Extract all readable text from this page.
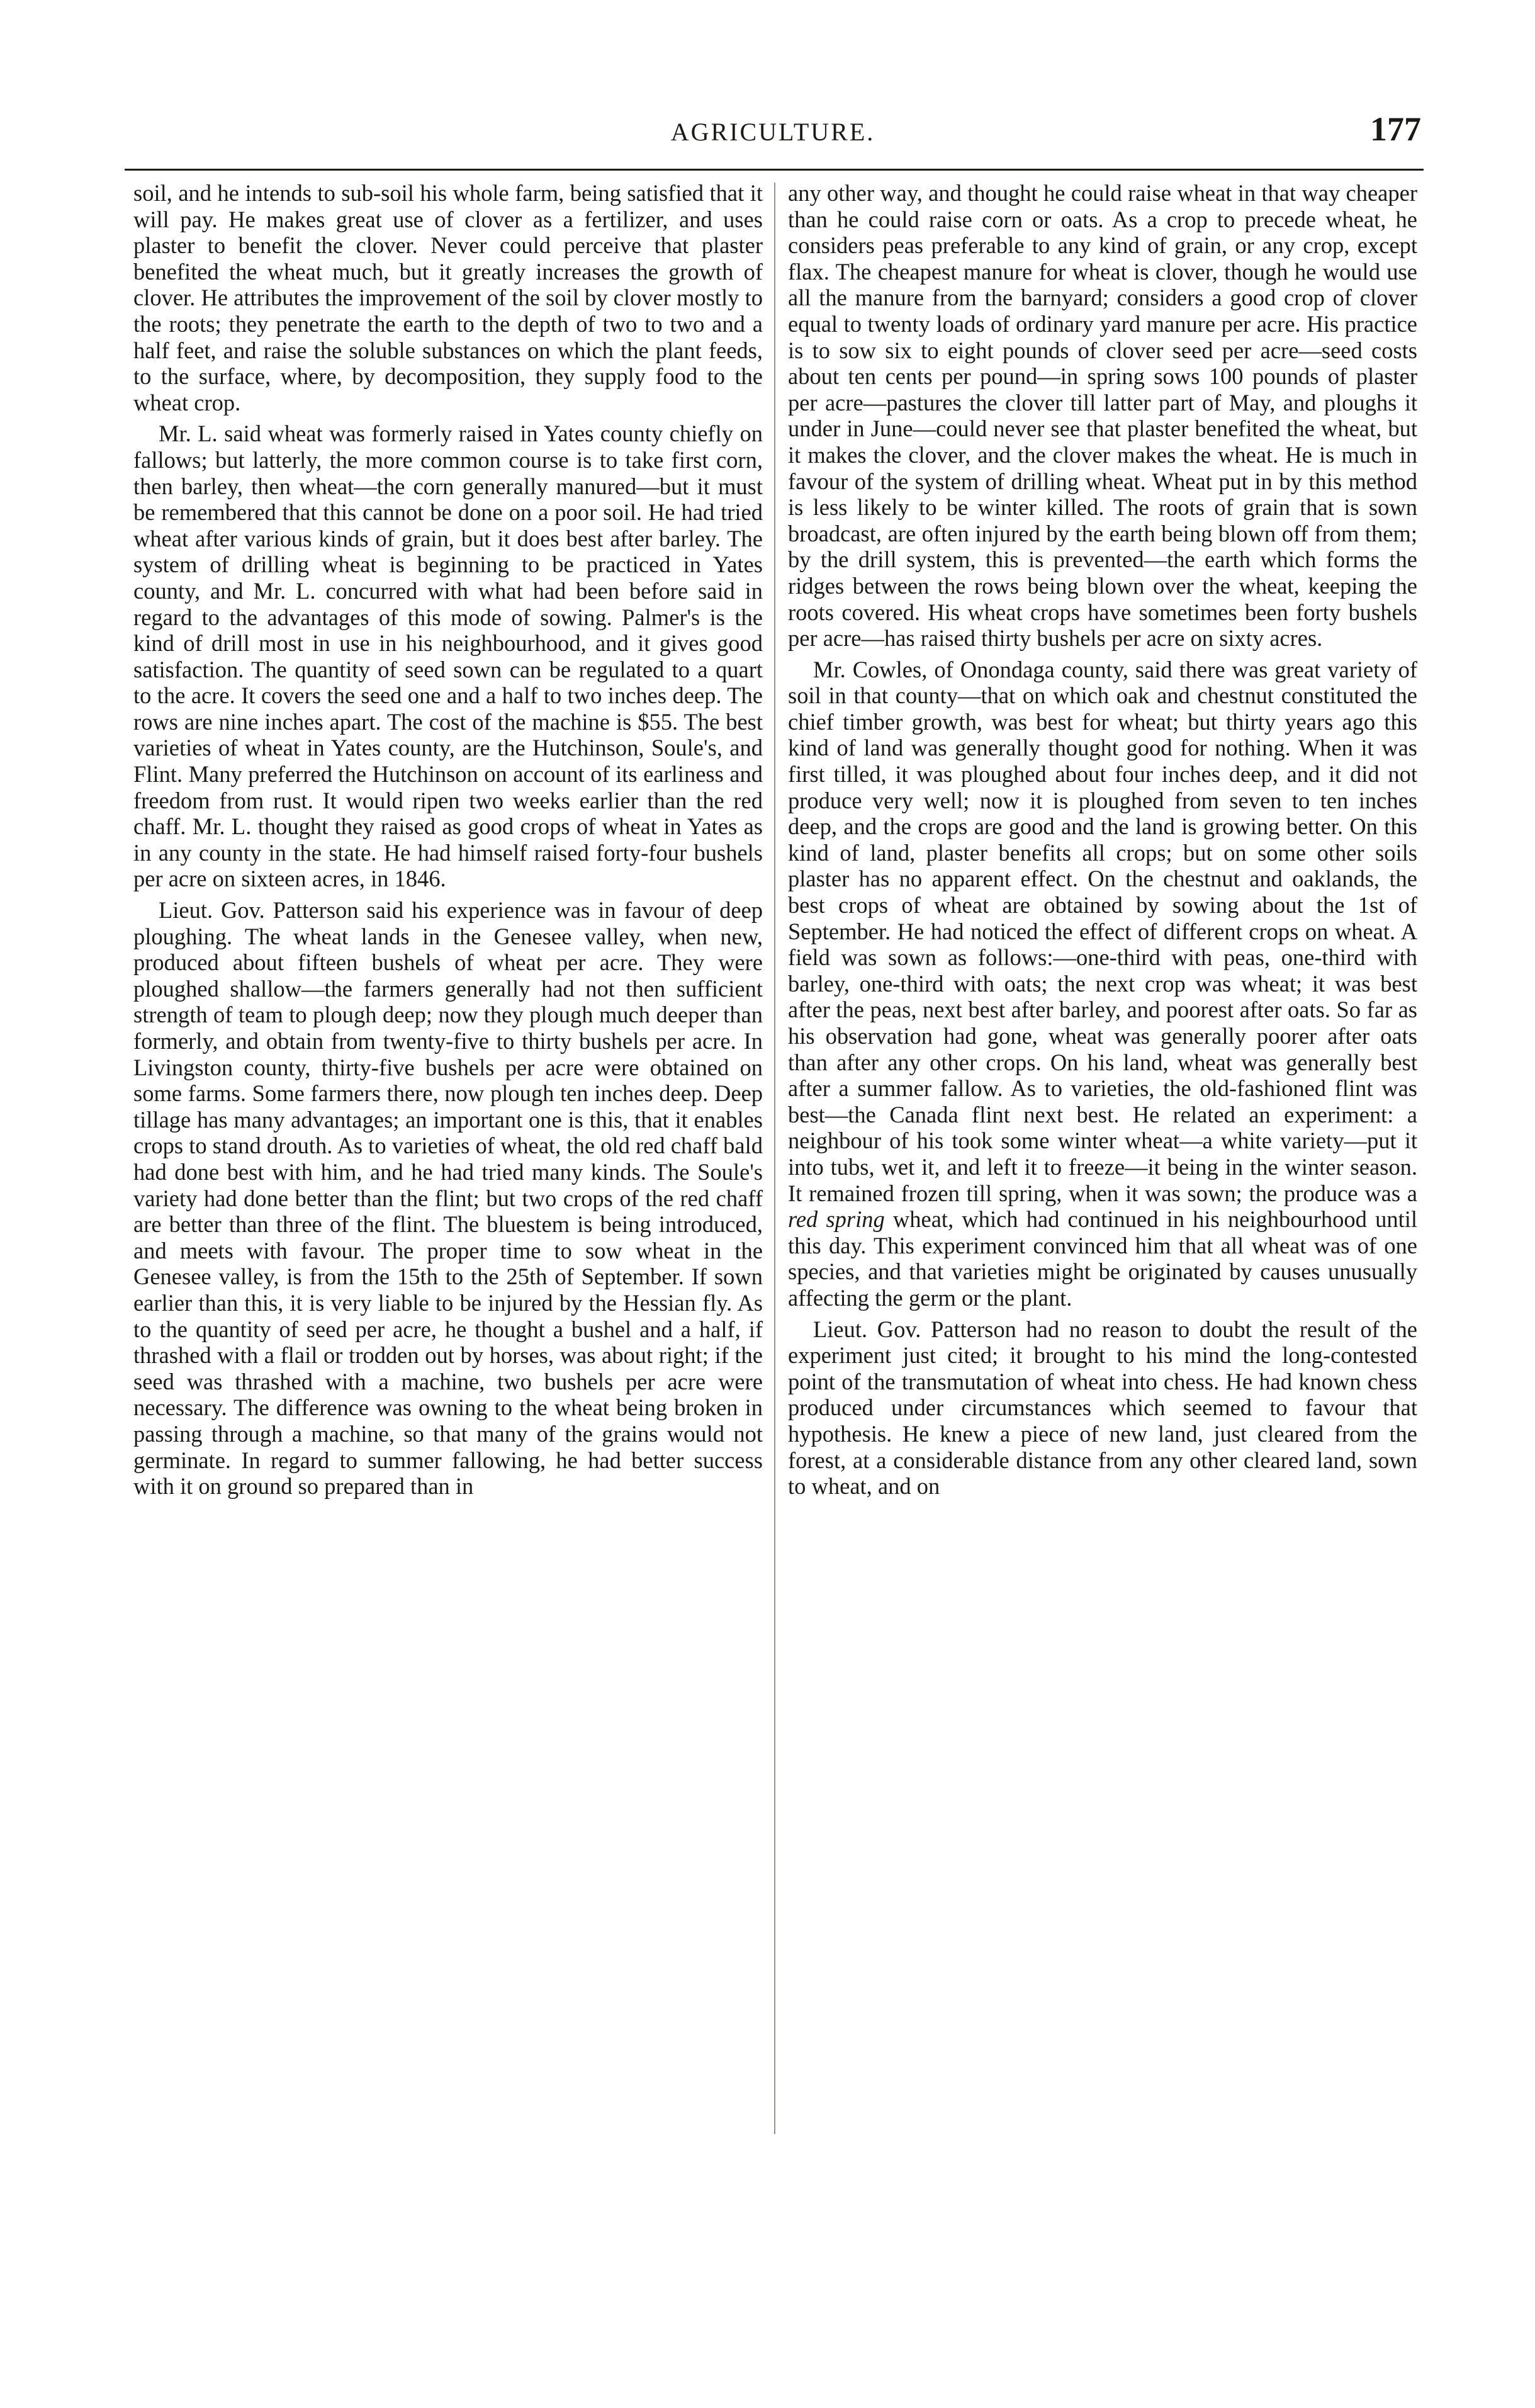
AGRICULTURE.	177

soil, and he intends to sub-soil his whole farm, being satisfied that it will pay. He makes great use of clover as a fertilizer, and uses plaster to benefit the clover. Never could perceive that plaster benefited the wheat much, but it greatly increases the growth of clover. He attributes the improvement of the soil by clover mostly to the roots; they penetrate the earth to the depth of two to two and a half feet, and raise the soluble substances on which the plant feeds, to the surface, where, by decomposition, they supply food to the wheat crop.

Mr. L. said wheat was formerly raised in Yates county chiefly on fallows; but latterly, the more common course is to take first corn, then barley, then wheat—the corn generally manured—but it must be remembered that this cannot be done on a poor soil. He had tried wheat after various kinds of grain, but it does best after barley. The system of drilling wheat is beginning to be practiced in Yates county, and Mr. L. concurred with what had been before said in regard to the advantages of this mode of sowing. Palmer's is the kind of drill most in use in his neighbourhood, and it gives good satisfaction. The quantity of seed sown can be regulated to a quart to the acre. It covers the seed one and a half to two inches deep. The rows are nine inches apart. The cost of the machine is $55. The best varieties of wheat in Yates county, are the Hutchinson, Soule's, and Flint. Many preferred the Hutchinson on account of its earliness and freedom from rust. It would ripen two weeks earlier than the red chaff. Mr. L. thought they raised as good crops of wheat in Yates as in any county in the state. He had himself raised forty-four bushels per acre on sixteen acres, in 1846.

Lieut. Gov. Patterson said his experience was in favour of deep ploughing. The wheat lands in the Genesee valley, when new, produced about fifteen bushels of wheat per acre. They were ploughed shallow—the farmers generally had not then sufficient strength of team to plough deep; now they plough much deeper than formerly, and obtain from twenty-five to thirty bushels per acre. In Livingston county, thirty-five bushels per acre were obtained on some farms. Some farmers there, now plough ten inches deep. Deep tillage has many advantages; an important one is this, that it enables crops to stand drouth. As to varieties of wheat, the old red chaff bald had done best with him, and he had tried many kinds. The Soule's variety had done better than the flint; but two crops of the red chaff are better than three of the flint. The bluestem is being introduced, and meets with favour. The proper time to sow wheat in the Genesee valley, is from the 15th to the 25th of September. If sown earlier than this, it is very liable to be injured by the Hessian fly. As to the quantity of seed per acre, he thought a bushel and a half, if thrashed with a flail or trodden out by horses, was about right; if the seed was thrashed with a machine, two bushels per acre were necessary. The difference was owning to the wheat being broken in passing through a machine, so that many of the grains would not germinate. In regard to summer fallowing, he had better success with it on ground so prepared than in

any other way, and thought he could raise wheat in that way cheaper than he could raise corn or oats. As a crop to precede wheat, he considers peas preferable to any kind of grain, or any crop, except flax. The cheapest manure for wheat is clover, though he would use all the manure from the barnyard; considers a good crop of clover equal to twenty loads of ordinary yard manure per acre. His practice is to sow six to eight pounds of clover seed per acre—seed costs about ten cents per pound—in spring sows 100 pounds of plaster per acre—pastures the clover till latter part of May, and ploughs it under in June—could never see that plaster benefited the wheat, but it makes the clover, and the clover makes the wheat. He is much in favour of the system of drilling wheat. Wheat put in by this method is less likely to be winter killed. The roots of grain that is sown broadcast, are often injured by the earth being blown off from them; by the drill system, this is prevented—the earth which forms the ridges between the rows being blown over the wheat, keeping the roots covered. His wheat crops have sometimes been forty bushels per acre—has raised thirty bushels per acre on sixty acres.

Mr. Cowles, of Onondaga county, said there was great variety of soil in that county—that on which oak and chestnut constituted the chief timber growth, was best for wheat; but thirty years ago this kind of land was generally thought good for nothing. When it was first tilled, it was ploughed about four inches deep, and it did not produce very well; now it is ploughed from seven to ten inches deep, and the crops are good and the land is growing better. On this kind of land, plaster benefits all crops; but on some other soils plaster has no apparent effect. On the chestnut and oaklands, the best crops of wheat are obtained by sowing about the 1st of September. He had noticed the effect of different crops on wheat. A field was sown as follows:—one-third with peas, one-third with barley, one-third with oats; the next crop was wheat; it was best after the peas, next best after barley, and poorest after oats. So far as his observation had gone, wheat was generally poorer after oats than after any other crops. On his land, wheat was generally best after a summer fallow. As to varieties, the old-fashioned flint was best—the Canada flint next best. He related an experiment: a neighbour of his took some winter wheat—a white variety—put it into tubs, wet it, and left it to freeze—it being in the winter season. It remained frozen till spring, when it was sown; the produce was a red spring wheat, which had continued in his neighbourhood until this day. This experiment convinced him that all wheat was of one species, and that varieties might be originated by causes unusually affecting the germ or the plant.

Lieut. Gov. Patterson had no reason to doubt the result of the experiment just cited; it brought to his mind the long-contested point of the transmutation of wheat into chess. He had known chess produced under circumstances which seemed to favour that hypothesis. He knew a piece of new land, just cleared from the forest, at a considerable distance from any other cleared land, sown to wheat, and on
